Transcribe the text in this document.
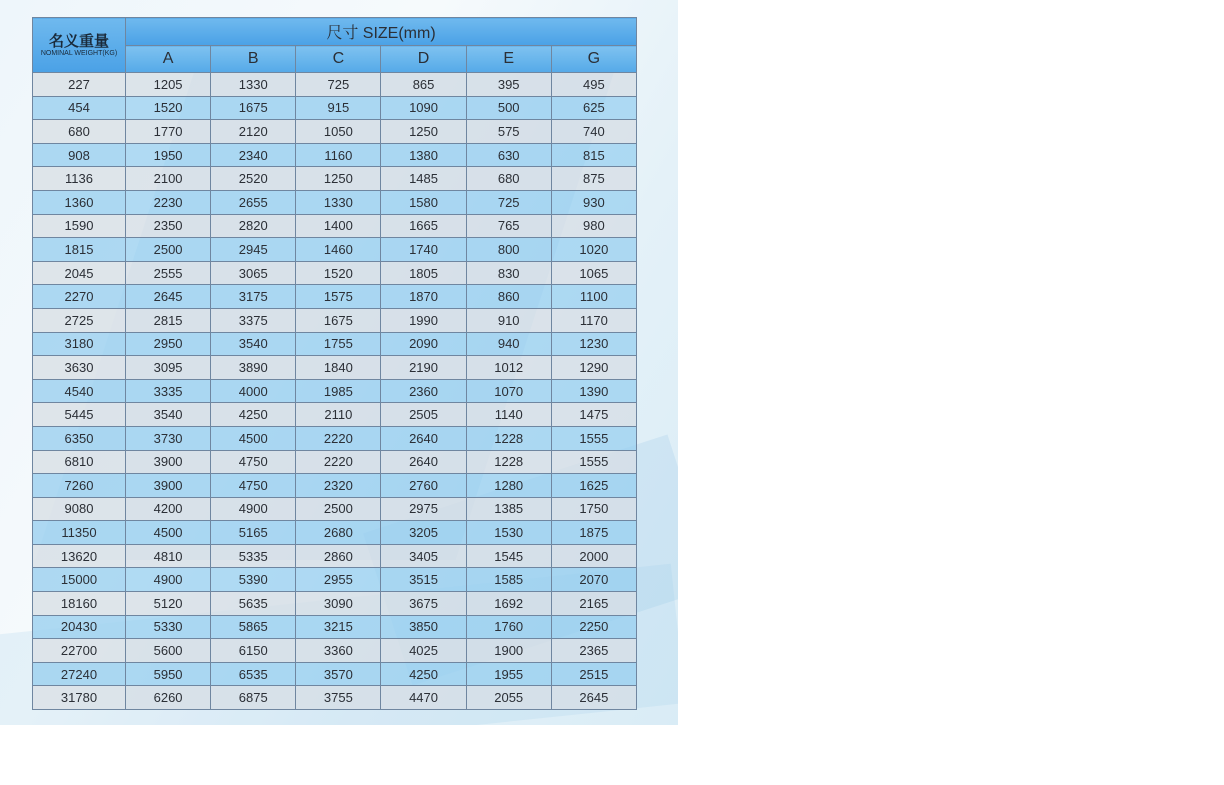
名义重量
NOMINAL WEIGHT(KG)	尺寸 SIZE(mm)					
	A	B	C	D	E	G
227	1205	1330	725	865	395	495
454	1520	1675	915	1090	500	625
680	1770	2120	1050	1250	575	740
908	1950	2340	1160	1380	630	815
1136	2100	2520	1250	1485	680	875
1360	2230	2655	1330	1580	725	930
1590	2350	2820	1400	1665	765	980
1815	2500	2945	1460	1740	800	1020
2045	2555	3065	1520	1805	830	1065
2270	2645	3175	1575	1870	860	1100
2725	2815	3375	1675	1990	910	1170
3180	2950	3540	1755	2090	940	1230
3630	3095	3890	1840	2190	1012	1290
4540	3335	4000	1985	2360	1070	1390
5445	3540	4250	2110	2505	1140	1475
6350	3730	4500	2220	2640	1228	1555
6810	3900	4750	2220	2640	1228	1555
7260	3900	4750	2320	2760	1280	1625
9080	4200	4900	2500	2975	1385	1750
11350	4500	5165	2680	3205	1530	1875
13620	4810	5335	2860	3405	1545	2000
15000	4900	5390	2955	3515	1585	2070
18160	5120	5635	3090	3675	1692	2165
20430	5330	5865	3215	3850	1760	2250
22700	5600	6150	3360	4025	1900	2365
27240	5950	6535	3570	4250	1955	2515
31780	6260	6875	3755	4470	2055	2645
